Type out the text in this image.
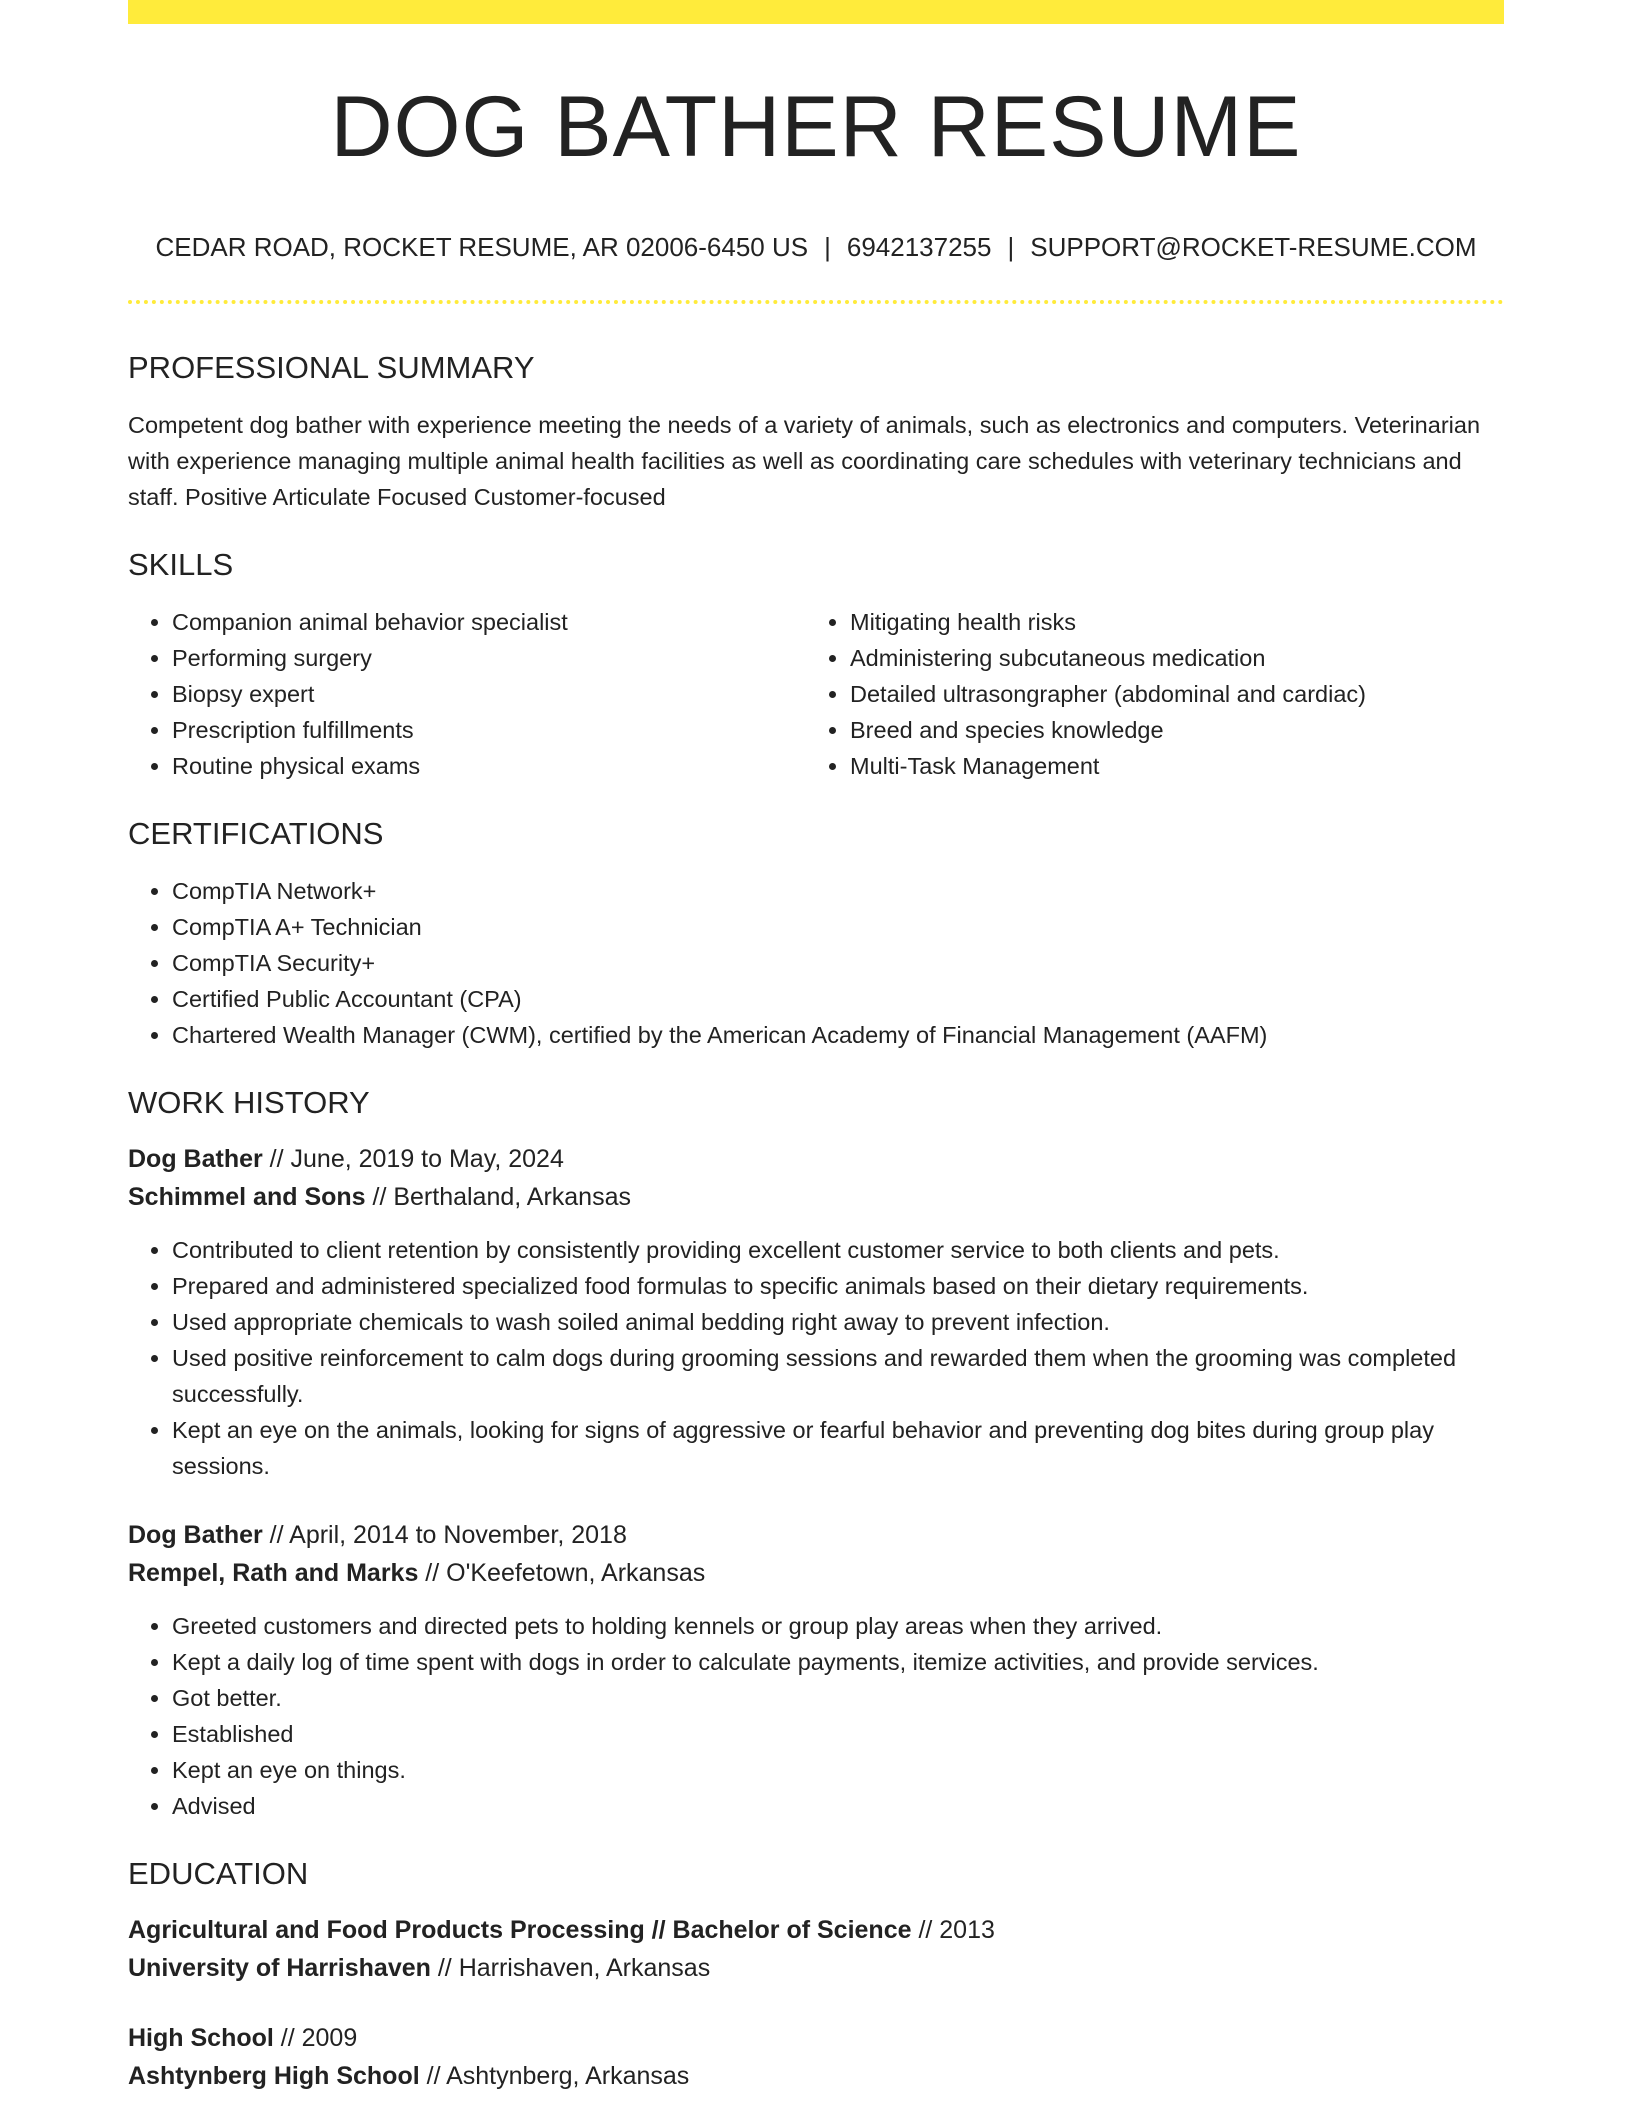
DOG BATHER RESUME
CEDAR ROAD, ROCKET RESUME, AR 02006-6450 US | 6942137255 | SUPPORT@ROCKET-RESUME.COM
PROFESSIONAL SUMMARY
Competent dog bather with experience meeting the needs of a variety of animals, such as electronics and computers. Veterinarian with experience managing multiple animal health facilities as well as coordinating care schedules with veterinary technicians and staff. Positive Articulate Focused Customer-focused
SKILLS
• Companion animal behavior specialist
• Performing surgery
• Biopsy expert
• Prescription fulfillments
• Routine physical exams
• Mitigating health risks
• Administering subcutaneous medication
• Detailed ultrasongrapher (abdominal and cardiac)
• Breed and species knowledge
• Multi-Task Management
CERTIFICATIONS
• CompTIA Network+
• CompTIA A+ Technician
• CompTIA Security+
• Certified Public Accountant (CPA)
• Chartered Wealth Manager (CWM), certified by the American Academy of Financial Management (AAFM)
WORK HISTORY
Dog Bather // June, 2019 to May, 2024
Schimmel and Sons // Berthaland, Arkansas
• Contributed to client retention by consistently providing excellent customer service to both clients and pets.
• Prepared and administered specialized food formulas to specific animals based on their dietary requirements.
• Used appropriate chemicals to wash soiled animal bedding right away to prevent infection.
• Used positive reinforcement to calm dogs during grooming sessions and rewarded them when the grooming was completed successfully.
• Kept an eye on the animals, looking for signs of aggressive or fearful behavior and preventing dog bites during group play sessions.
Dog Bather // April, 2014 to November, 2018
Rempel, Rath and Marks // O'Keefetown, Arkansas
• Greeted customers and directed pets to holding kennels or group play areas when they arrived.
• Kept a daily log of time spent with dogs in order to calculate payments, itemize activities, and provide services.
• Got better.
• Established
• Kept an eye on things.
• Advised
EDUCATION
Agricultural and Food Products Processing // Bachelor of Science // 2013
University of Harrishaven // Harrishaven, Arkansas
High School // 2009
Ashtynberg High School // Ashtynberg, Arkansas
